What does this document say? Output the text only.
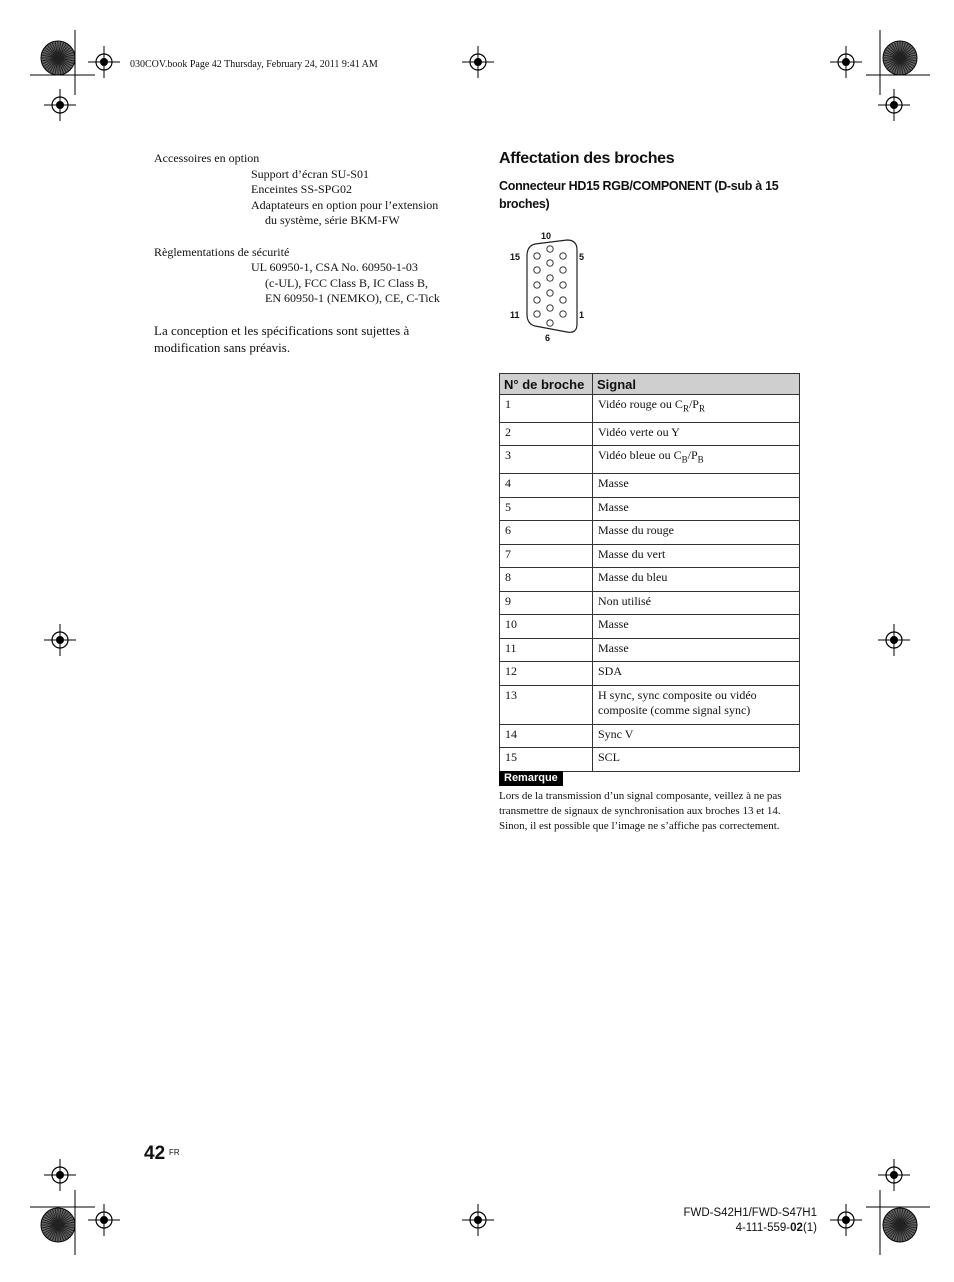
030COV.book Page 42 Thursday, February 24, 2011 9:41 AM
Accessoires en option
Support d’écran SU-S01
Enceintes SS-SPG02
Adaptateurs en option pour l’extension
du système, série BKM-FW
Règlementations de sécurité
UL 60950-1, CSA No. 60950-1-03
(c-UL), FCC Class B, IC Class B,
EN 60950-1 (NEMKO), CE, C-Tick
La conception et les spécifications sont sujettes à
modification sans préavis.
Affectation des broches
Connecteur HD15 RGB/COMPONENT (D-sub à 15 broches)
10
15	5
11	1
6
N° de broche	Signal
1	Vidéo rouge ou $C_R/P_R$
2	Vidéo verte ou Y
3	Vidéo bleue ou $C_B/P_B$
4	Masse
5	Masse
6	Masse du rouge
7	Masse du vert
8	Masse du bleu
9	Non utilisé
10	Masse
11	Masse
12	SDA
13	H sync, sync composite ou vidéo composite (comme signal sync)
14	Sync V
15	SCL
Remarque
Lors de la transmission d’un signal composante, veillez à ne pas transmettre de signaux de synchronisation aux broches 13 et 14. Sinon, il est possible que l’image ne s’affiche pas correctement.
42 FR
FWD-S42H1/FWD-S47H1
4-111-559-02(1)
